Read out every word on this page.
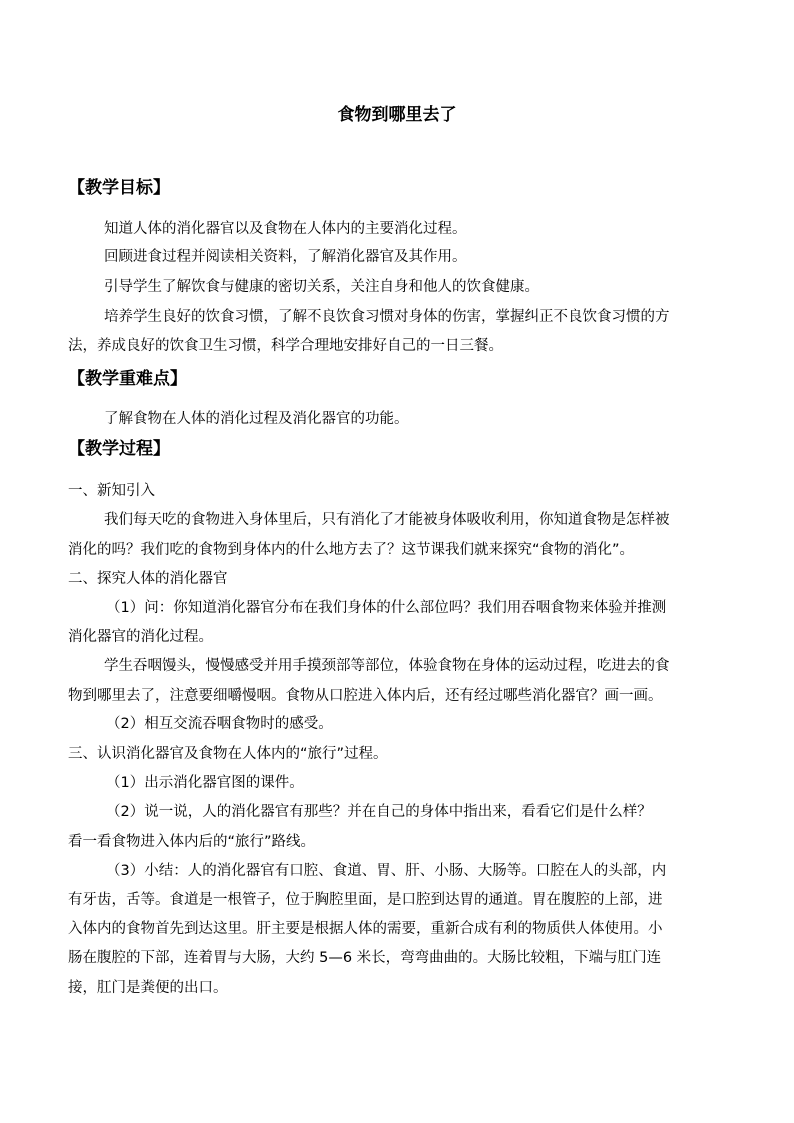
食物到哪里去了
【教学目标】

知道人体的消化器官以及食物在人体内的主要消化过程。

回顾进食过程并阅读相关资料，了解消化器官及其作用。

引导学生了解饮食与健康的密切关系，关注自身和他人的饮食健康。

培养学生良好的饮食习惯，了解不良饮食习惯对身体的伤害，掌握纠正不良饮食习惯的方

法，养成良好的饮食卫生习惯，科学合理地安排好自己的一日三餐。

【教学重难点】

了解食物在人体的消化过程及消化器官的功能。

【教学过程】

一、新知引入

我们每天吃的食物进入身体里后，只有消化了才能被身体吸收利用，你知道食物是怎样被

消化的吗？我们吃的食物到身体内的什么地方去了？这节课我们就来探究“食物的消化”。

二、探究人体的消化器官

（1）问：你知道消化器官分布在我们身体的什么部位吗？我们用吞咽食物来体验并推测

消化器官的消化过程。

学生吞咽馒头，慢慢感受并用手摸颈部等部位，体验食物在身体的运动过程，吃进去的食

物到哪里去了，注意要细嚼慢咽。食物从口腔进入体内后，还有经过哪些消化器官？画一画。

（2）相互交流吞咽食物时的感受。

三、认识消化器官及食物在人体内的“旅行”过程。

（1）出示消化器官图的课件。

（2）说一说，人的消化器官有那些？并在自己的身体中指出来，看看它们是什么样？

看一看食物进入体内后的“旅行”路线。

（3）小结：人的消化器官有口腔、食道、胃、肝、小肠、大肠等。口腔在人的头部，内

有牙齿，舌等。食道是一根管子，位于胸腔里面，是口腔到达胃的通道。胃在腹腔的上部，进

入体内的食物首先到达这里。肝主要是根据人体的需要，重新合成有利的物质供人体使用。小

肠在腹腔的下部，连着胃与大肠，大约 5—6 米长，弯弯曲曲的。大肠比较粗，下端与肛门连

接，肛门是粪便的出口。
